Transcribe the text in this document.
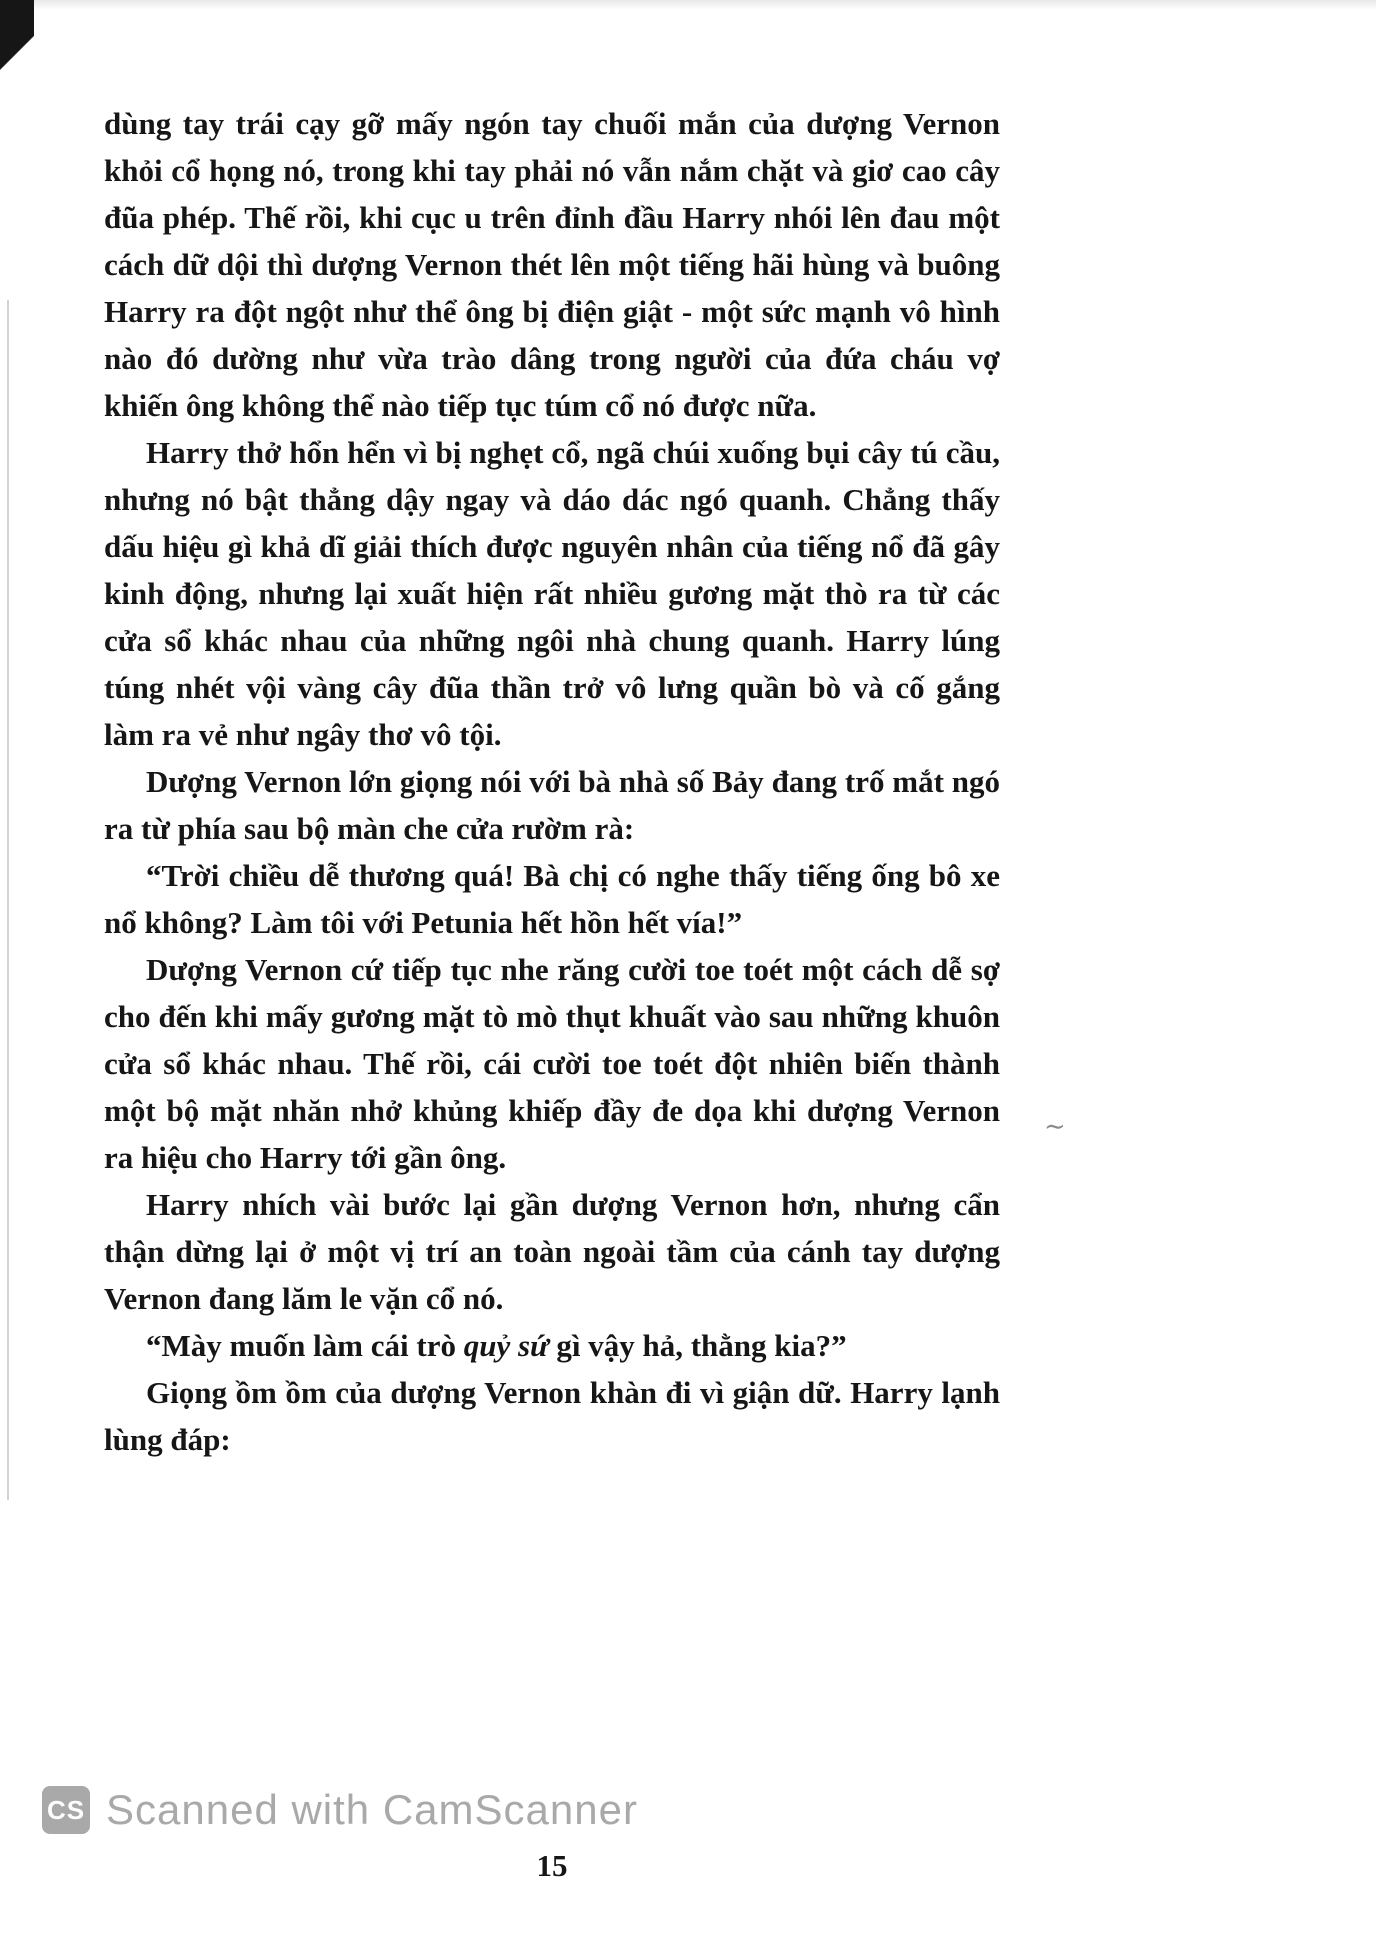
∼

dùng tay trái cạy gỡ mấy ngón tay chuối mắn của dượng Vernon khỏi cổ họng nó, trong khi tay phải nó vẫn nắm chặt và giơ cao cây đũa phép. Thế rồi, khi cục u trên đỉnh đầu Harry nhói lên đau một cách dữ dội thì dượng Vernon thét lên một tiếng hãi hùng và buông Harry ra đột ngột như thể ông bị điện giật - một sức mạnh vô hình nào đó dường như vừa trào dâng trong người của đứa cháu vợ khiến ông không thể nào tiếp tục túm cổ nó được nữa.

Harry thở hổn hển vì bị nghẹt cổ, ngã chúi xuống bụi cây tú cầu, nhưng nó bật thẳng dậy ngay và dáo dác ngó quanh. Chẳng thấy dấu hiệu gì khả dĩ giải thích được nguyên nhân của tiếng nổ đã gây kinh động, nhưng lại xuất hiện rất nhiều gương mặt thò ra từ các cửa sổ khác nhau của những ngôi nhà chung quanh. Harry lúng túng nhét vội vàng cây đũa thần trở vô lưng quần bò và cố gắng làm ra vẻ như ngây thơ vô tội.

Dượng Vernon lớn giọng nói với bà nhà số Bảy đang trố mắt ngó ra từ phía sau bộ màn che cửa rườm rà:

“Trời chiều dễ thương quá! Bà chị có nghe thấy tiếng ống bô xe nổ không? Làm tôi với Petunia hết hồn hết vía!”

Dượng Vernon cứ tiếp tục nhe răng cười toe toét một cách dễ sợ cho đến khi mấy gương mặt tò mò thụt khuất vào sau những khuôn cửa sổ khác nhau. Thế rồi, cái cười toe toét đột nhiên biến thành một bộ mặt nhăn nhở khủng khiếp đầy đe dọa khi dượng Vernon ra hiệu cho Harry tới gần ông.

Harry nhích vài bước lại gần dượng Vernon hơn, nhưng cẩn thận dừng lại ở một vị trí an toàn ngoài tầm của cánh tay dượng Vernon đang lăm le vặn cổ nó.

“Mày muốn làm cái trò quỷ sứ gì vậy hả, thằng kia?”

Giọng ồm ồm của dượng Vernon khàn đi vì giận dữ. Harry lạnh lùng đáp:

CS Scanned with CamScanner
15
